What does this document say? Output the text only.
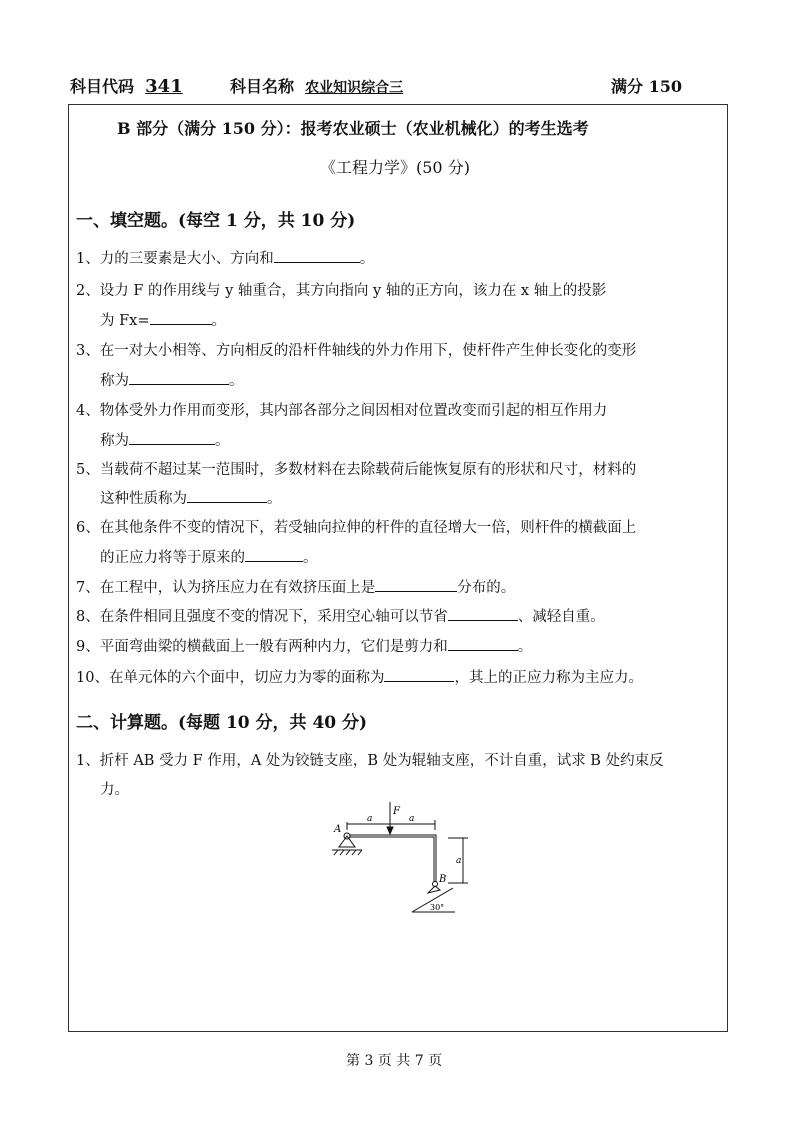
科目代码 341	科目名称 农业知识综合三	满分 150
B 部分（满分 150 分）：报考农业硕士（农业机械化）的考生选考
《工程力学》(50 分)
一、填空题。(每空 1 分，共 10 分)
1、力的三要素是大小、方向和	。
2、设力 F 的作用线与 y 轴重合，其方向指向 y 轴的正方向，该力在 x 轴上的投影
为 Fx=	。
3、在一对大小相等、方向相反的沿杆件轴线的外力作用下，使杆件产生伸长变化的变形
称为	。
4、物体受外力作用而变形，其内部各部分之间因相对位置改变而引起的相互作用力
称为	。
5、当载荷不超过某一范围时，多数材料在去除载荷后能恢复原有的形状和尺寸，材料的
这种性质称为	。
6、在其他条件不变的情况下，若受轴向拉伸的杆件的直径增大一倍，则杆件的横截面上
的正应力将等于原来的	。
7、在工程中，认为挤压应力在有效挤压面上是	分布的。
8、在条件相同且强度不变的情况下，采用空心轴可以节省	、减轻自重。
9、平面弯曲梁的横截面上一般有两种内力，它们是剪力和	。
10、在单元体的六个面中，切应力为零的面称为	，其上的正应力称为主应力。
二、计算题。(每题 10 分，共 40 分)
1、折杆 AB 受力 F 作用，A 处为铰链支座，B 处为辊轴支座，不计自重，试求 B 处约束反
力。
A
B
F
a	a
a
30°
第 3 页 共 7 页
